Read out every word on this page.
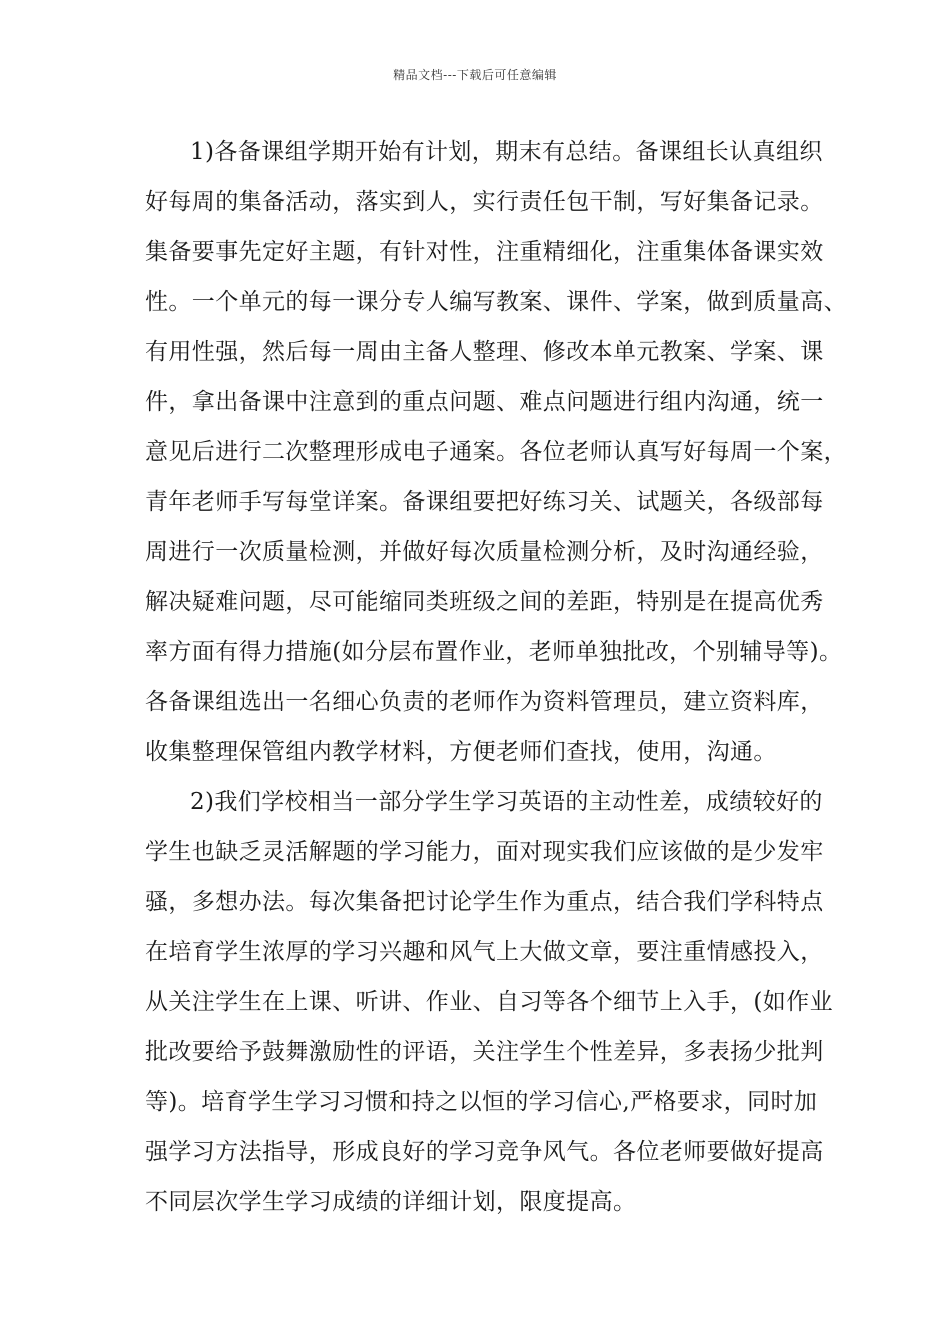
精品文档---下载后可任意编辑
1)各备课组学期开始有计划，期末有总结。备课组长认真组织
好每周的集备活动，落实到人，实行责任包干制，写好集备记录。
集备要事先定好主题，有针对性，注重精细化，注重集体备课实效
性。一个单元的每一课分专人编写教案、课件、学案，做到质量高、
有用性强，然后每一周由主备人整理、修改本单元教案、学案、课
件，拿出备课中注意到的重点问题、难点问题进行组内沟通，统一
意见后进行二次整理形成电子通案。各位老师认真写好每周一个案，
青年老师手写每堂详案。备课组要把好练习关、试题关，各级部每
周进行一次质量检测，并做好每次质量检测分析，及时沟通经验，
解决疑难问题，尽可能缩同类班级之间的差距，特别是在提高优秀
率方面有得力措施(如分层布置作业，老师单独批改，个别辅导等)。
各备课组选出一名细心负责的老师作为资料管理员，建立资料库，
收集整理保管组内教学材料，方便老师们查找，使用，沟通。
2)我们学校相当一部分学生学习英语的主动性差，成绩较好的
学生也缺乏灵活解题的学习能力，面对现实我们应该做的是少发牢
骚，多想办法。每次集备把讨论学生作为重点，结合我们学科特点
在培育学生浓厚的学习兴趣和风气上大做文章，要注重情感投入，
从关注学生在上课、听讲、作业、自习等各个细节上入手，(如作业
批改要给予鼓舞激励性的评语，关注学生个性差异，多表扬少批判
等)。培育学生学习习惯和持之以恒的学习信心,严格要求，同时加
强学习方法指导，形成良好的学习竞争风气。各位老师要做好提高
不同层次学生学习成绩的详细计划，限度提高。
